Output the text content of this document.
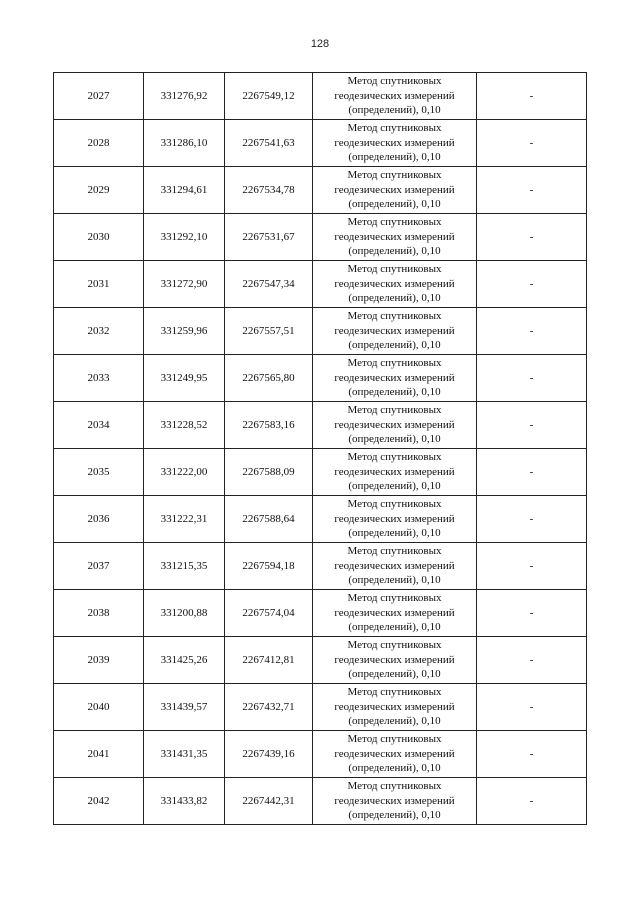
128
2027	331276,92	2267549,12	Метод спутниковых
геодезических измерений
(определений), 0,10	-
2028	331286,10	2267541,63	Метод спутниковых
геодезических измерений
(определений), 0,10	-
2029	331294,61	2267534,78	Метод спутниковых
геодезических измерений
(определений), 0,10	-
2030	331292,10	2267531,67	Метод спутниковых
геодезических измерений
(определений), 0,10	-
2031	331272,90	2267547,34	Метод спутниковых
геодезических измерений
(определений), 0,10	-
2032	331259,96	2267557,51	Метод спутниковых
геодезических измерений
(определений), 0,10	-
2033	331249,95	2267565,80	Метод спутниковых
геодезических измерений
(определений), 0,10	-
2034	331228,52	2267583,16	Метод спутниковых
геодезических измерений
(определений), 0,10	-
2035	331222,00	2267588,09	Метод спутниковых
геодезических измерений
(определений), 0,10	-
2036	331222,31	2267588,64	Метод спутниковых
геодезических измерений
(определений), 0,10	-
2037	331215,35	2267594,18	Метод спутниковых
геодезических измерений
(определений), 0,10	-
2038	331200,88	2267574,04	Метод спутниковых
геодезических измерений
(определений), 0,10	-
2039	331425,26	2267412,81	Метод спутниковых
геодезических измерений
(определений), 0,10	-
2040	331439,57	2267432,71	Метод спутниковых
геодезических измерений
(определений), 0,10	-
2041	331431,35	2267439,16	Метод спутниковых
геодезических измерений
(определений), 0,10	-
2042	331433,82	2267442,31	Метод спутниковых
геодезических измерений
(определений), 0,10	-
